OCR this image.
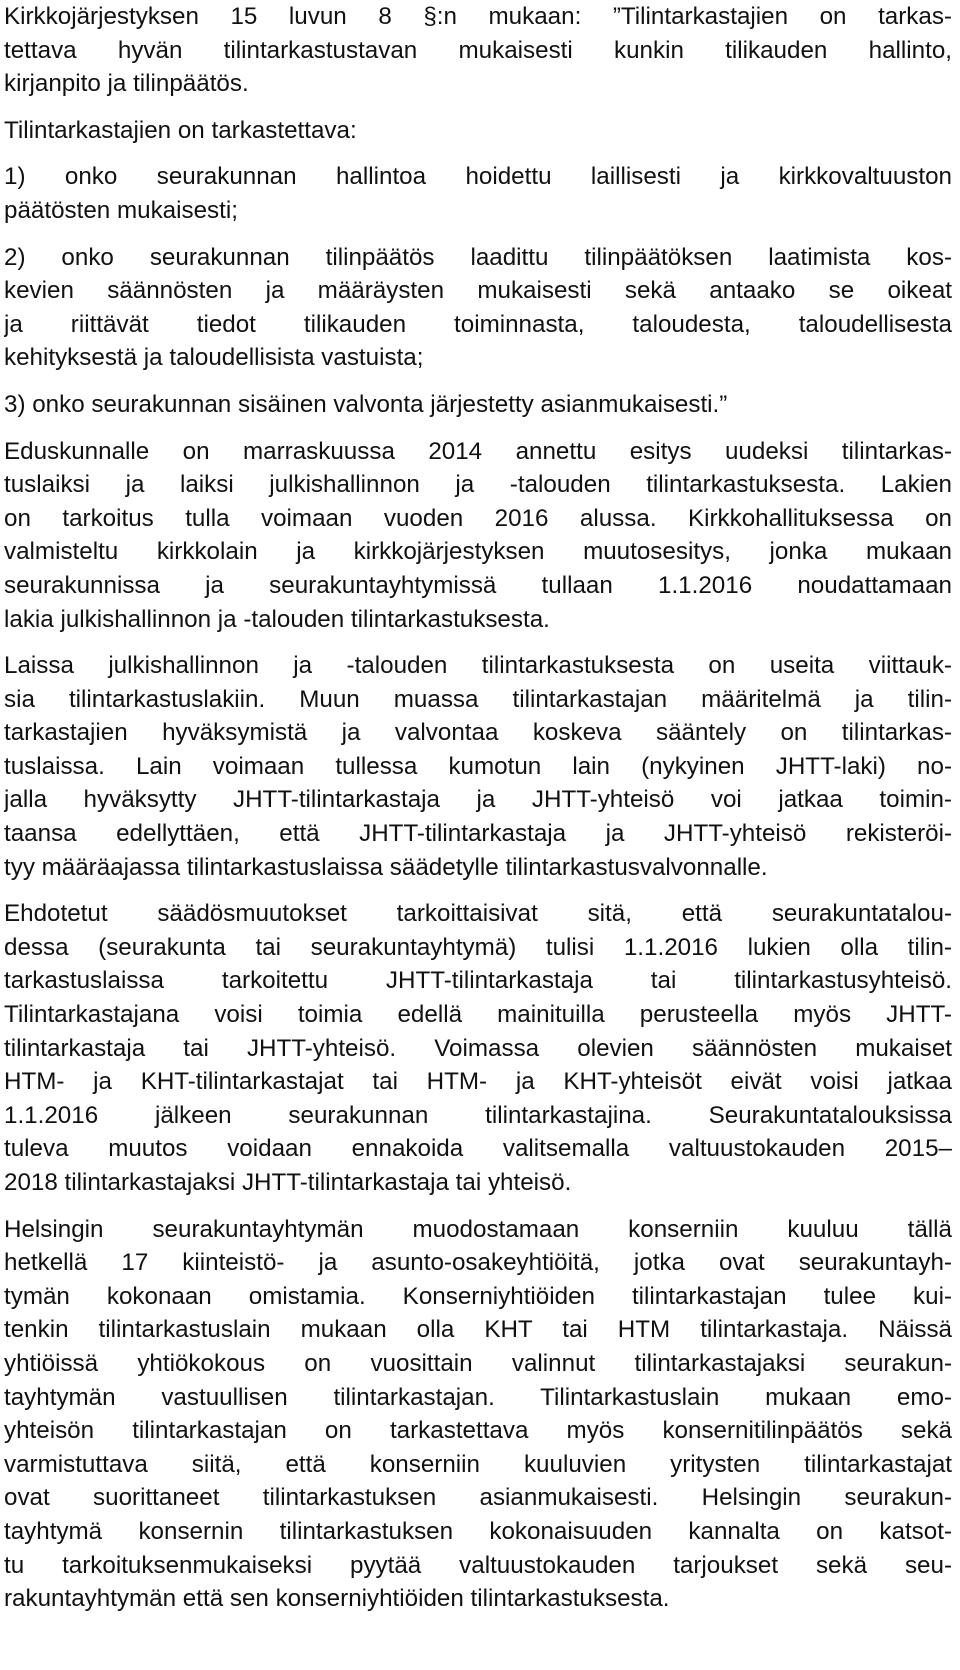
Kirkkojärjestyksen 15 luvun 8 §:n mukaan: ”Tilintarkastajien on tarkas-
tettava hyvän tilintarkastustavan mukaisesti kunkin tilikauden hallinto,
kirjanpito ja tilinpäätös.

Tilintarkastajien on tarkastettava:

1) onko seurakunnan hallintoa hoidettu laillisesti ja kirkkovaltuuston
päätösten mukaisesti;

2) onko seurakunnan tilinpäätös laadittu tilinpäätöksen laatimista kos-
kevien säännösten ja määräysten mukaisesti sekä antaako se oikeat
ja riittävät tiedot tilikauden toiminnasta, taloudesta, taloudellisesta
kehityksestä ja taloudellisista vastuista;

3) onko seurakunnan sisäinen valvonta järjestetty asianmukaisesti.”

Eduskunnalle on marraskuussa 2014 annettu esitys uudeksi tilintarkas-
tuslaiksi ja laiksi julkishallinnon ja -talouden tilintarkastuksesta. Lakien
on tarkoitus tulla voimaan vuoden 2016 alussa. Kirkkohallituksessa on
valmisteltu kirkkolain ja kirkkojärjestyksen muutosesitys, jonka mukaan
seurakunnissa ja seurakuntayhtymissä tullaan 1.1.2016 noudattamaan
lakia julkishallinnon ja -talouden tilintarkastuksesta.

Laissa julkishallinnon ja -talouden tilintarkastuksesta on useita viittauk-
sia tilintarkastuslakiin. Muun muassa tilintarkastajan määritelmä ja tilin-
tarkastajien hyväksymistä ja valvontaa koskeva sääntely on tilintarkas-
tuslaissa. Lain voimaan tullessa kumotun lain (nykyinen JHTT-laki) no-
jalla hyväksytty JHTT-tilintarkastaja ja JHTT-yhteisö voi jatkaa toimin-
taansa edellyttäen, että JHTT-tilintarkastaja ja JHTT-yhteisö rekisteröi-
tyy määräajassa tilintarkastuslaissa säädetylle tilintarkastusvalvonnalle.

Ehdotetut säädösmuutokset tarkoittaisivat sitä, että seurakuntatalou-
dessa (seurakunta tai seurakuntayhtymä) tulisi 1.1.2016 lukien olla tilin-
tarkastuslaissa tarkoitettu JHTT-tilintarkastaja tai tilintarkastusyhteisö.
Tilintarkastajana voisi toimia edellä mainituilla perusteella myös JHTT-
tilintarkastaja tai JHTT-yhteisö. Voimassa olevien säännösten mukaiset
HTM- ja KHT-tilintarkastajat tai HTM- ja KHT-yhteisöt eivät voisi jatkaa
1.1.2016 jälkeen seurakunnan tilintarkastajina. Seurakuntatalouksissa
tuleva muutos voidaan ennakoida valitsemalla valtuustokauden 2015–
2018 tilintarkastajaksi JHTT-tilintarkastaja tai yhteisö.

Helsingin seurakuntayhtymän muodostamaan konserniin kuuluu tällä
hetkellä 17 kiinteistö- ja asunto-osakeyhtiöitä, jotka ovat seurakuntayh-
tymän kokonaan omistamia. Konserniyhtiöiden tilintarkastajan tulee kui-
tenkin tilintarkastuslain mukaan olla KHT tai HTM tilintarkastaja. Näissä
yhtiöissä yhtiökokous on vuosittain valinnut tilintarkastajaksi seurakun-
tayhtymän vastuullisen tilintarkastajan. Tilintarkastuslain mukaan emo-
yhteisön tilintarkastajan on tarkastettava myös konsernitilinpäätös sekä
varmistuttava siitä, että konserniin kuuluvien yritysten tilintarkastajat
ovat suorittaneet tilintarkastuksen asianmukaisesti. Helsingin seurakun-
tayhtymä konsernin tilintarkastuksen kokonaisuuden kannalta on katsot-
tu tarkoituksenmukaiseksi pyytää valtuustokauden tarjoukset sekä seu-
rakuntayhtymän että sen konserniyhtiöiden tilintarkastuksesta.
